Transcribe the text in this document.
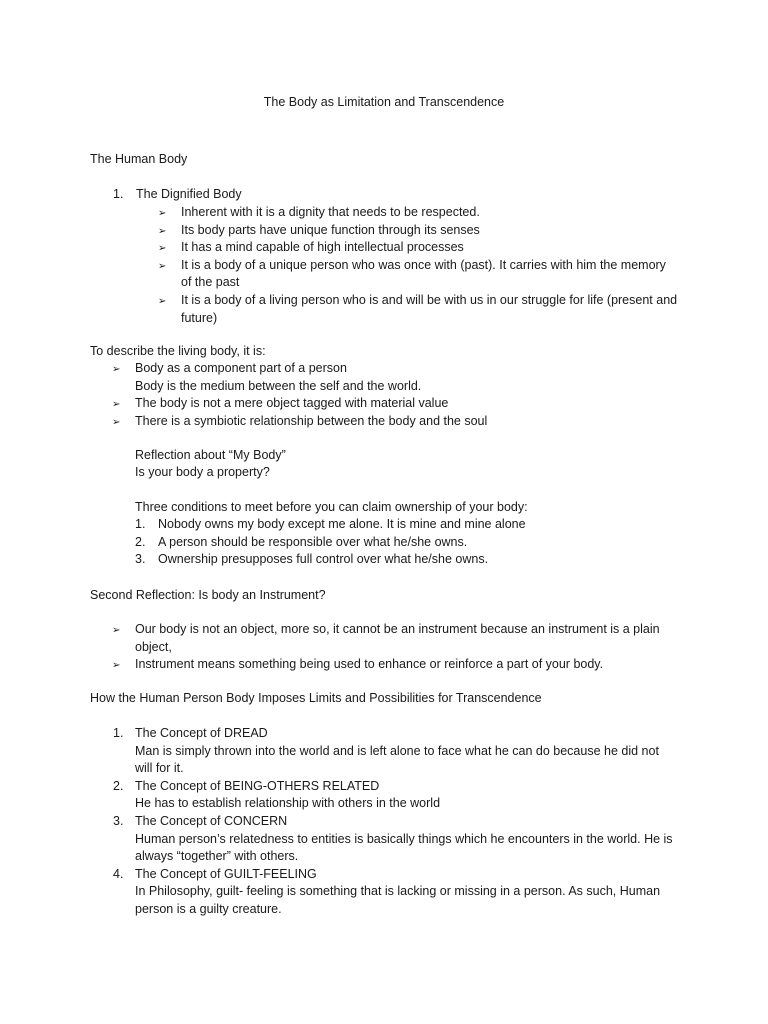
The Body as Limitation and Transcendence

The Human Body

1.	The Dignified Body
➢ Inherent with it is a dignity that needs to be respected.
➢ Its body parts have unique function through its senses
➢ It has a mind capable of high intellectual processes
➢ It is a body of a unique person who was once with (past). It carries with him the memory of the past
➢ It is a body of a living person who is and will be with us in our struggle for life (present and future)

To describe the living body, it is:

➢ Body as a component part of a person
Body is the medium between the self and the world.
➢ The body is not a mere object tagged with material value
➢ There is a symbiotic relationship between the body and the soul

Reflection about “My Body”

Is your body a property?

Three conditions to meet before you can claim ownership of your body:

1.	Nobody owns my body except me alone. It is mine and mine alone
2.	A person should be responsible over what he/she owns.
3.	Ownership presupposes full control over what he/she owns.

Second Reflection: Is body an Instrument?

➢ Our body is not an object, more so, it cannot be an instrument because an instrument is a plain object,
➢ Instrument means something being used to enhance or reinforce a part of your body.

How the Human Person Body Imposes Limits and Possibilities for Transcendence

1. The Concept of DREAD
Man is simply thrown into the world and is left alone to face what he can do because he did not will for it.
2. The Concept of BEING-OTHERS RELATED
He has to establish relationship with others in the world
3. The Concept of CONCERN
Human person’s relatedness to entities is basically things which he encounters in the world. He is always “together” with others.
4. The Concept of GUILT-FEELING
In Philosophy, guilt- feeling is something that is lacking or missing in a person. As such, Human person is a guilty creature.
